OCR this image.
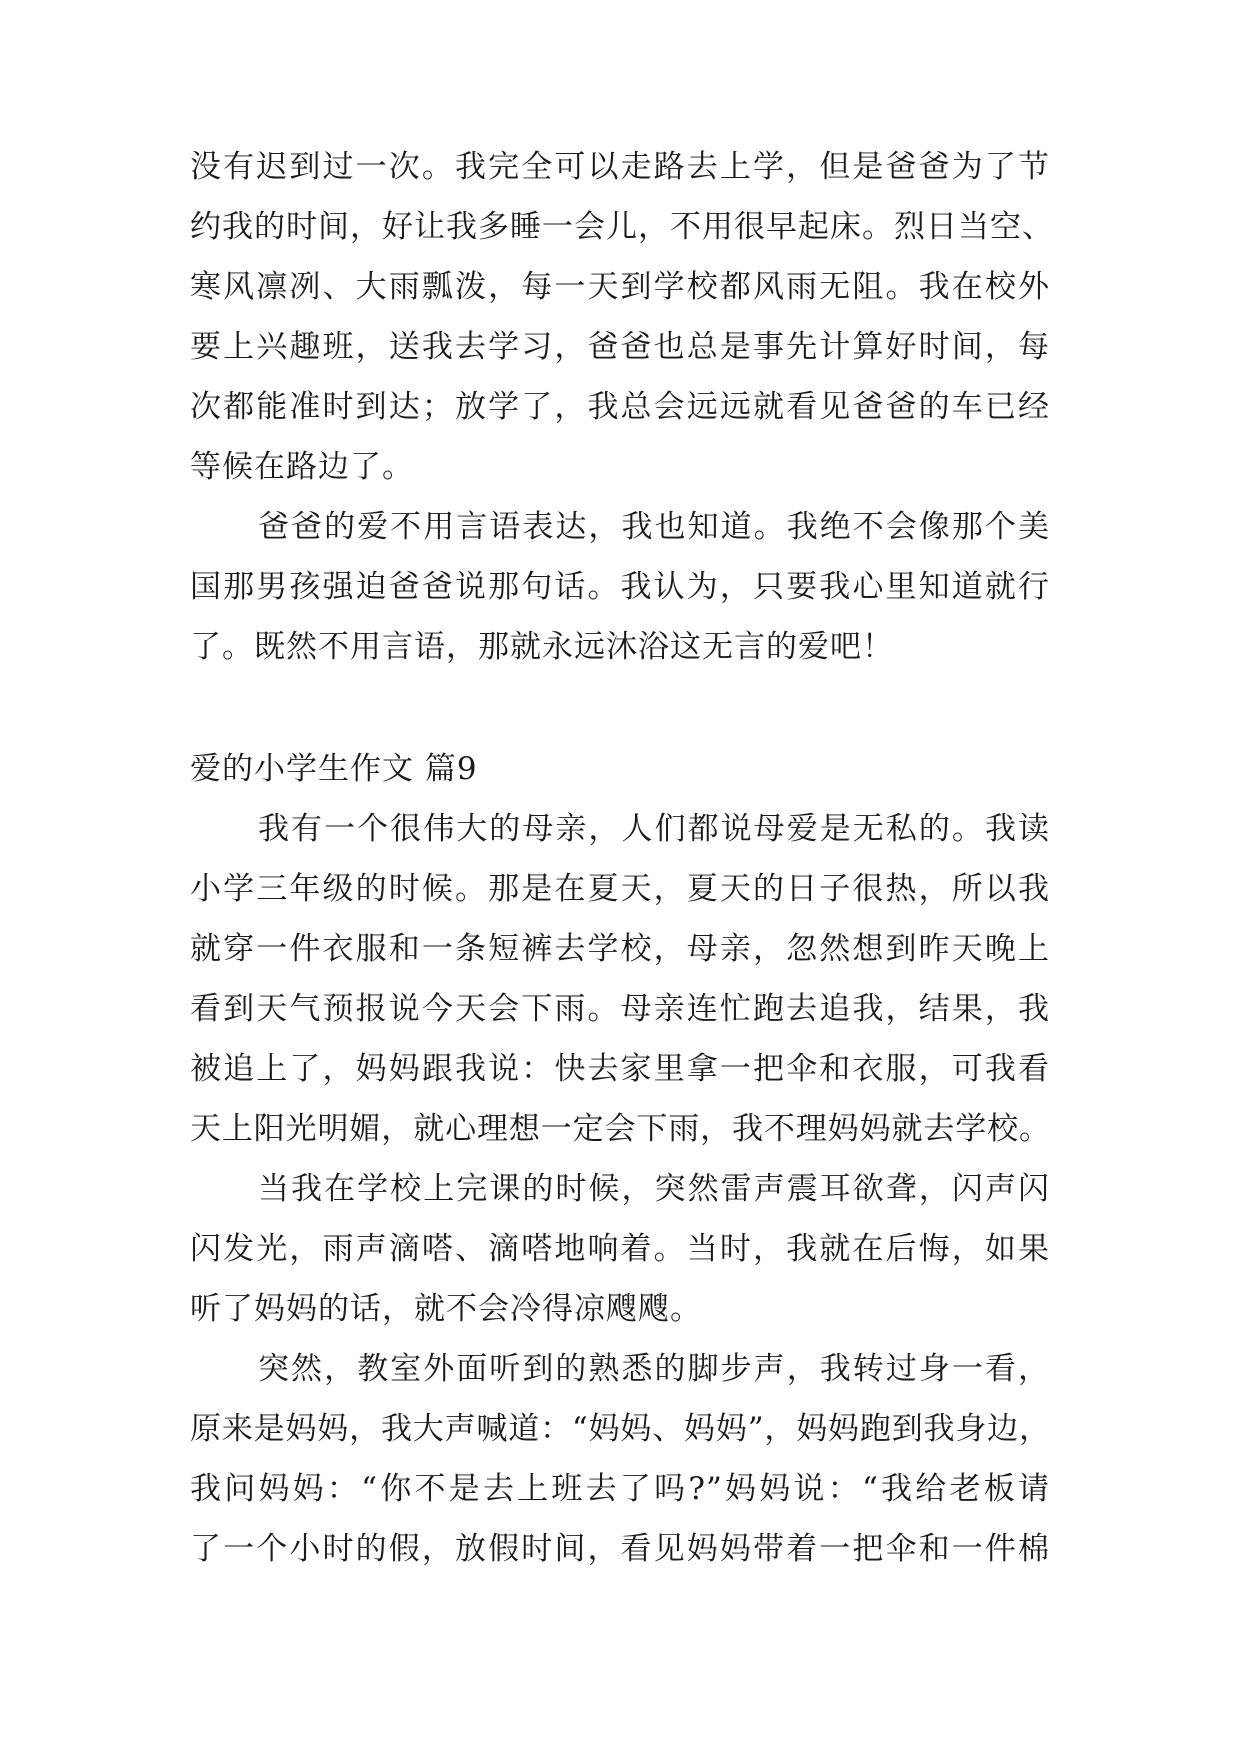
没有迟到过一次。我完全可以走路去上学，但是爸爸为了节
约我的时间，好让我多睡一会儿，不用很早起床。烈日当空、
寒风凛冽、大雨瓢泼，每一天到学校都风雨无阻。我在校外
要上兴趣班，送我去学习，爸爸也总是事先计算好时间，每
次都能准时到达；放学了，我总会远远就看见爸爸的车已经
等候在路边了。
爸爸的爱不用言语表达，我也知道。我绝不会像那个美
国那男孩强迫爸爸说那句话。我认为，只要我心里知道就行
了。既然不用言语，那就永远沐浴这无言的爱吧！
爱的小学生作文 篇9
我有一个很伟大的母亲，人们都说母爱是无私的。我读
小学三年级的时候。那是在夏天，夏天的日子很热，所以我
就穿一件衣服和一条短裤去学校，母亲，忽然想到昨天晚上
看到天气预报说今天会下雨。母亲连忙跑去追我，结果，我
被追上了，妈妈跟我说：快去家里拿一把伞和衣服，可我看
天上阳光明媚，就心理想一定会下雨，我不理妈妈就去学校。
当我在学校上完课的时候，突然雷声震耳欲聋，闪声闪
闪发光，雨声滴嗒、滴嗒地响着。当时，我就在后悔，如果
听了妈妈的话，就不会冷得凉飕飕。
突然，教室外面听到的熟悉的脚步声，我转过身一看，
原来是妈妈，我大声喊道：“妈妈、妈妈”，妈妈跑到我身边，
我问妈妈：“你不是去上班去了吗?”妈妈说：“我给老板请
了一个小时的假，放假时间，看见妈妈带着一把伞和一件棉
